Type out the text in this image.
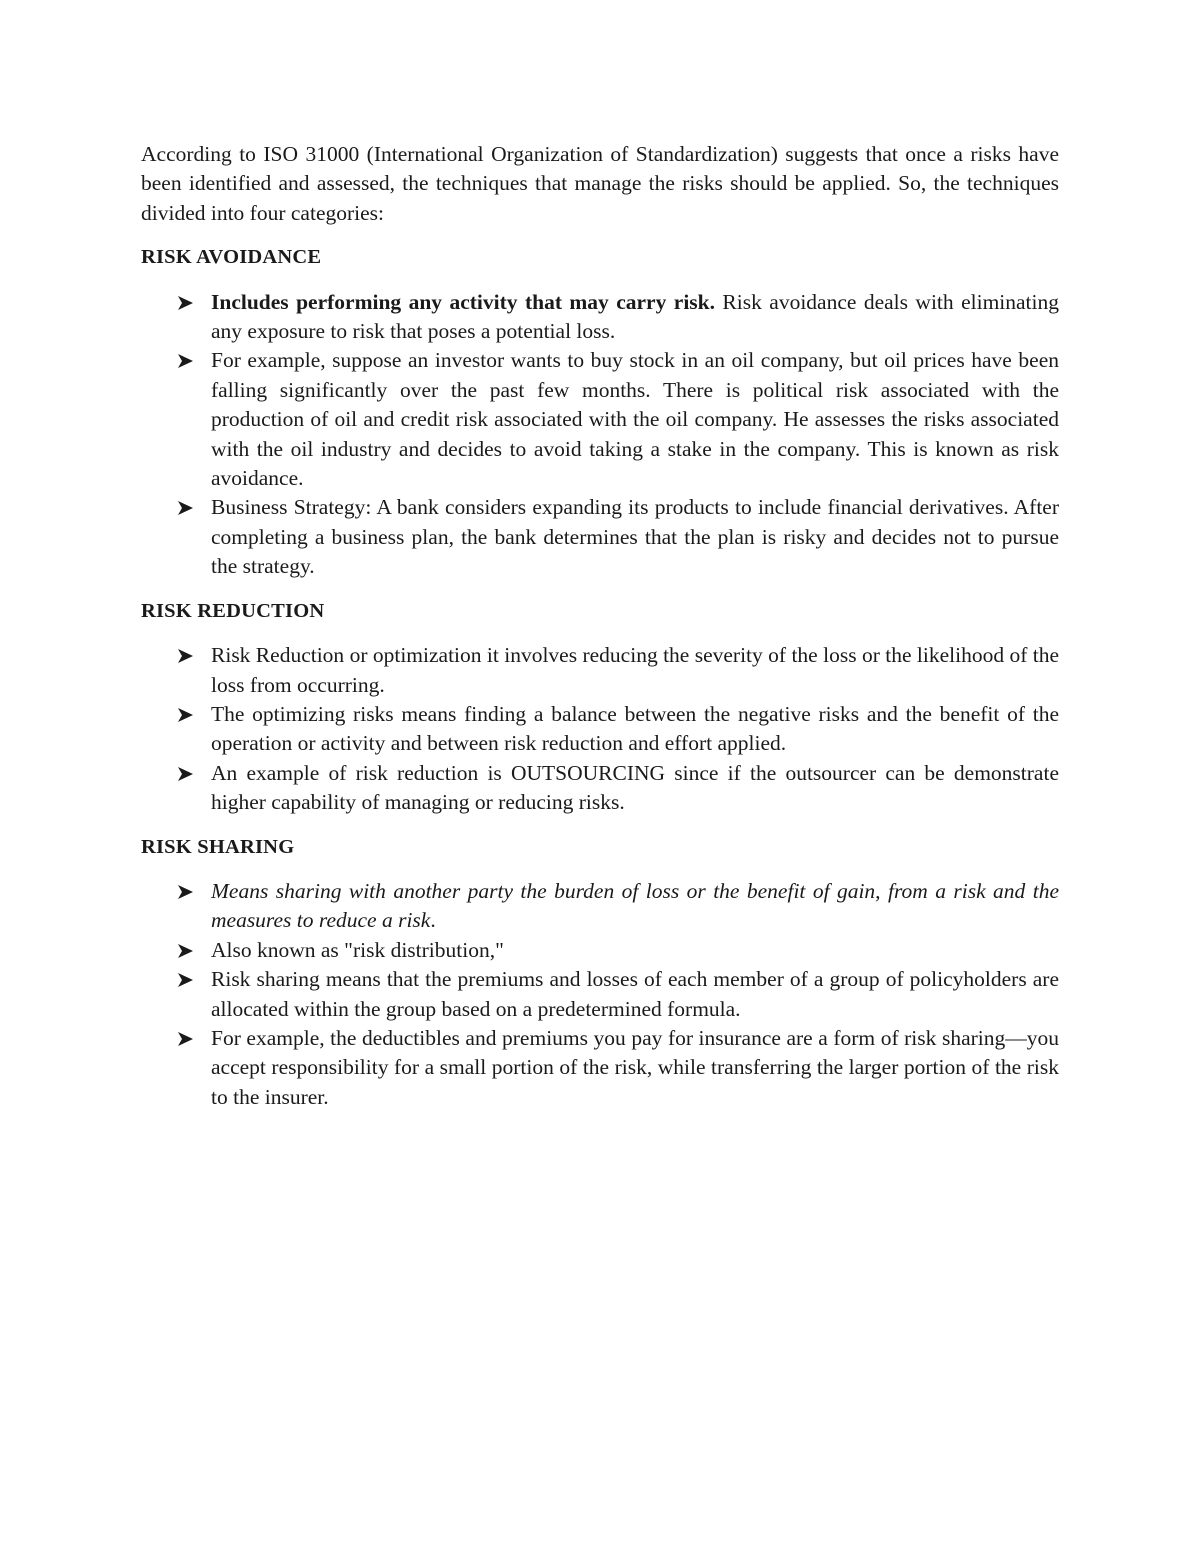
According to ISO 31000 (International Organization of Standardization) suggests that once a risks have been identified and assessed, the techniques that manage the risks should be applied. So, the techniques divided into four categories:

RISK AVOIDANCE
Includes performing any activity that may carry risk. Risk avoidance deals with eliminating any exposure to risk that poses a potential loss.
For example, suppose an investor wants to buy stock in an oil company, but oil prices have been falling significantly over the past few months. There is political risk associated with the production of oil and credit risk associated with the oil company. He assesses the risks associated with the oil industry and decides to avoid taking a stake in the company. This is known as risk avoidance.
Business Strategy: A bank considers expanding its products to include financial derivatives. After completing a business plan, the bank determines that the plan is risky and decides not to pursue the strategy.
RISK REDUCTION
Risk Reduction or optimization it involves reducing the severity of the loss or the likelihood of the loss from occurring.
The optimizing risks means finding a balance between the negative risks and the benefit of the operation or activity and between risk reduction and effort applied.
An example of risk reduction is OUTSOURCING since if the outsourcer can be demonstrate higher capability of managing or reducing risks.
RISK SHARING
Means sharing with another party the burden of loss or the benefit of gain, from a risk and the measures to reduce a risk.
Also known as "risk distribution,"
Risk sharing means that the premiums and losses of each member of a group of policyholders are allocated within the group based on a predetermined formula.
For example, the deductibles and premiums you pay for insurance are a form of risk sharing—you accept responsibility for a small portion of the risk, while transferring the larger portion of the risk to the insurer.
